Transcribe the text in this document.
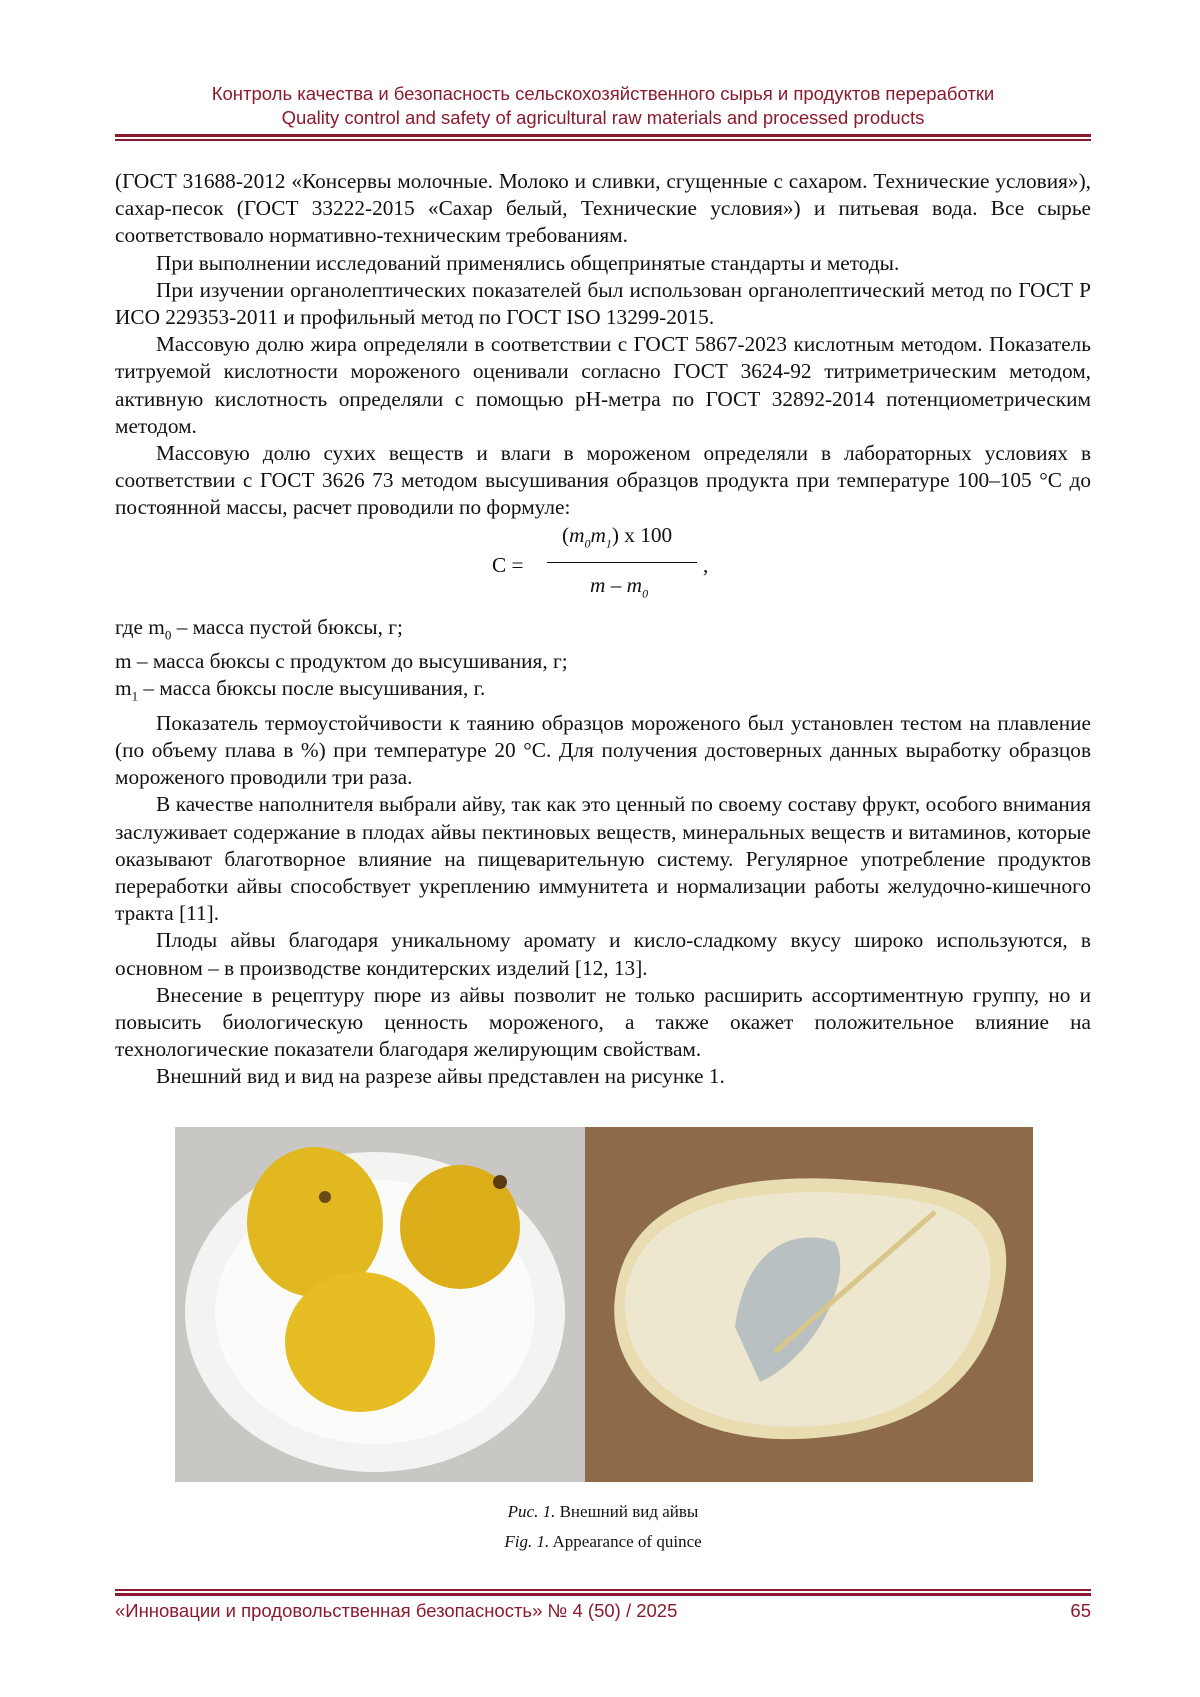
Контроль качества и безопасность сельскохозяйственного сырья и продуктов переработки
Quality control and safety of agricultural raw materials and processed products

(ГОСТ 31688-2012 «Консервы молочные. Молоко и сливки, сгущенные с сахаром. Технические условия»), сахар-песок (ГОСТ 33222-2015 «Сахар белый, Технические условия») и питьевая вода. Все сырье соответствовало нормативно-техническим требованиям.

При выполнении исследований применялись общепринятые стандарты и методы.

При изучении органолептических показателей был использован органолептический метод по ГОСТ Р ИСО 229353-2011 и профильный метод по ГОСТ ISO 13299-2015.

Массовую долю жира определяли в соответствии с ГОСТ 5867-2023 кислотным методом. Показатель титруемой кислотности мороженого оценивали согласно ГОСТ 3624-92 титриметрическим методом, активную кислотность определяли с помощью pH-метра по ГОСТ 32892-2014 потенциометрическим методом.

Массовую долю сухих веществ и влаги в мороженом определяли в лабораторных условиях в соответствии с ГОСТ 3626 73 методом высушивания образцов продукта при температуре 100–105 °С до постоянной массы, расчет проводили по формуле:

C =
$(m_0m_1)$ x 100
m – $m_0$
,

где $m_0$ – масса пустой бюксы, г;

m – масса бюксы с продуктом до высушивания, г;

$m_1$ – масса бюксы после высушивания, г.

Показатель термоустойчивости к таянию образцов мороженого был установлен тестом на плавление (по объему плава в %) при температуре 20 °С. Для получения достоверных данных выработку образцов мороженого проводили три раза.

В качестве наполнителя выбрали айву, так как это ценный по своему составу фрукт, особого внимания заслуживает содержание в плодах айвы пектиновых веществ, минеральных веществ и витаминов, которые оказывают благотворное влияние на пищеварительную систему. Регулярное употребление продуктов переработки айвы способствует укреплению иммунитета и нормализации работы желудочно-кишечного тракта [11].

Плоды айвы благодаря уникальному аромату и кисло-сладкому вкусу широко используются, в основном – в производстве кондитерских изделий [12, 13].

Внесение в рецептуру пюре из айвы позволит не только расширить ассортиментную группу, но и повысить биологическую ценность мороженого, а также окажет положительное влияние на технологические показатели благодаря желирующим свойствам.

Внешний вид и вид на разрезе айвы представлен на рисунке 1.

Рис. 1. Внешний вид айвы
Fig. 1. Appearance of quince
«Инновации и продовольственная безопасность» № 4 (50) / 2025	65
